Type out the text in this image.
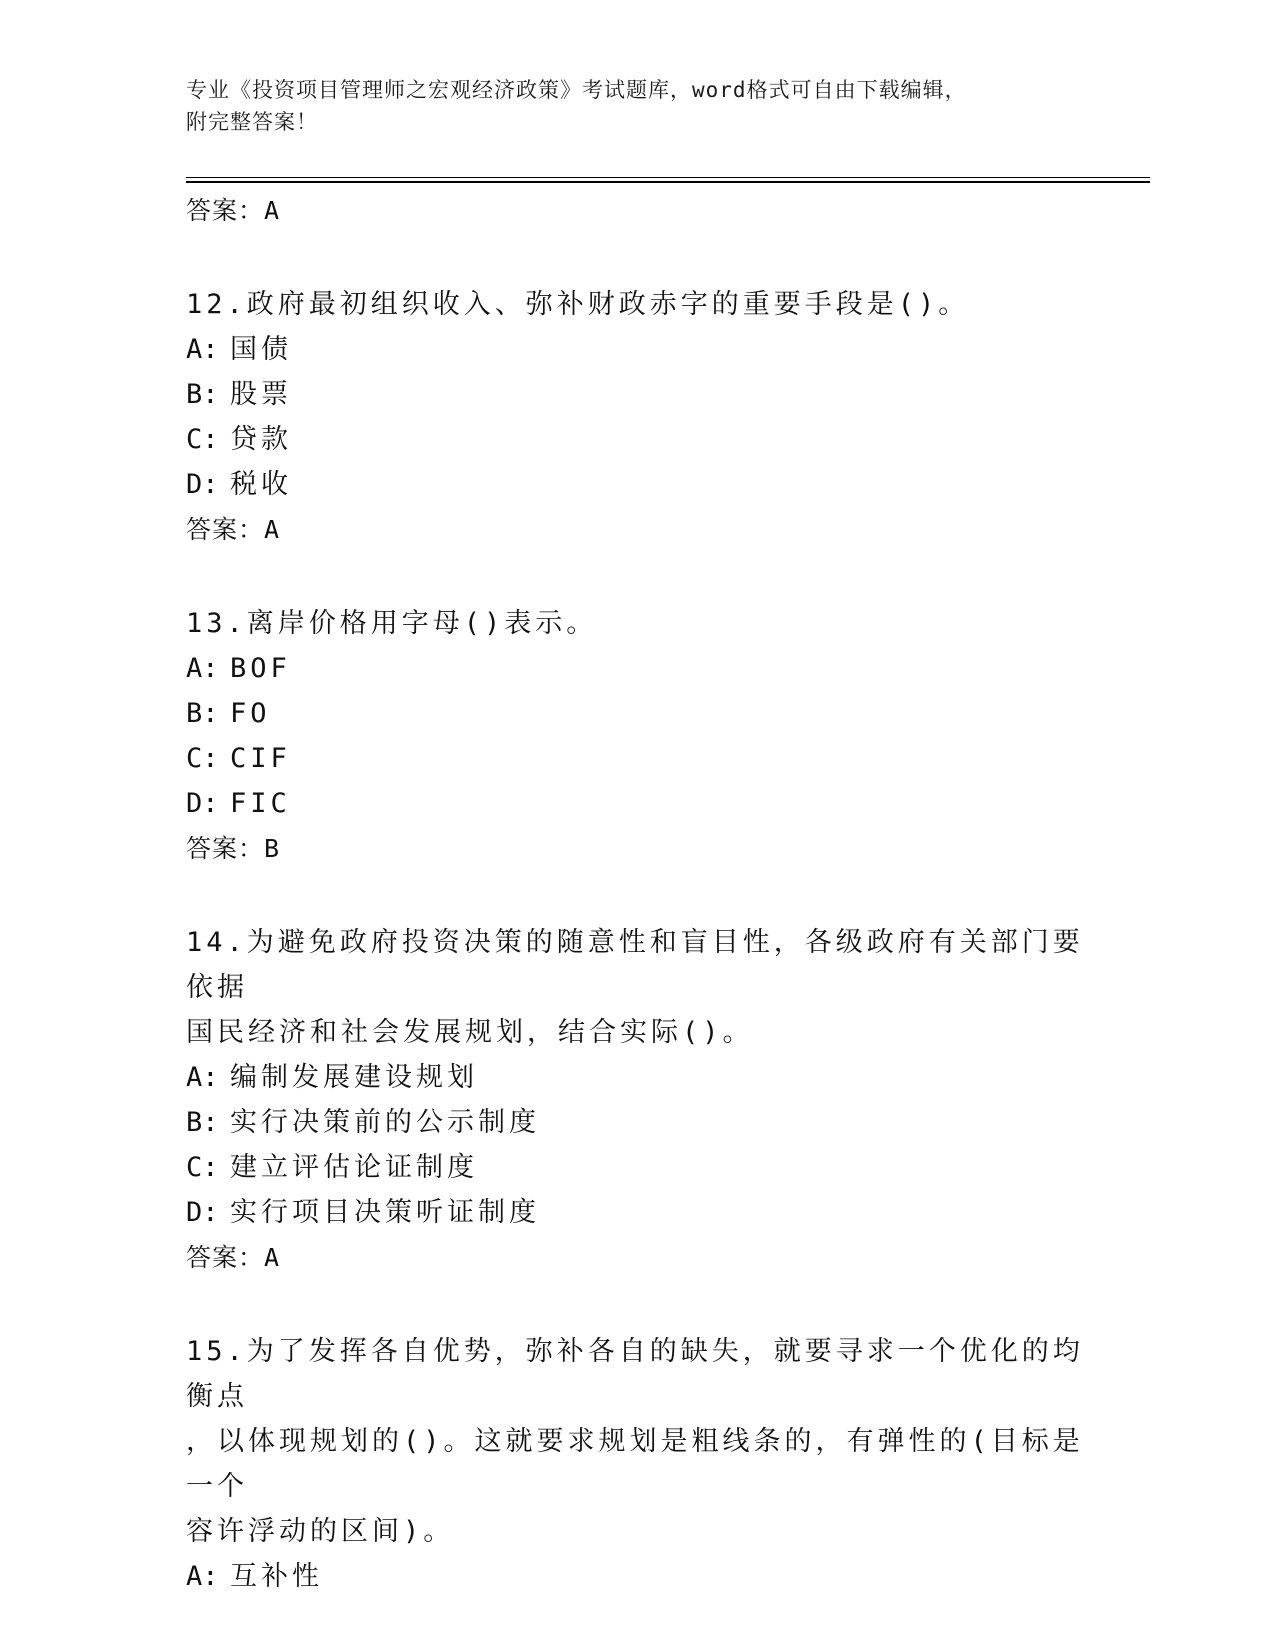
专业《投资项目管理师之宏观经济政策》考试题库，word格式可自由下载编辑，
附完整答案！
答案：A
12.政府最初组织收入、弥补财政赤字的重要手段是()。
A: 国债
B: 股票
C: 贷款
D: 税收
答案：A
13.离岸价格用字母()表示。
A: BOF
B: FO
C: CIF
D: FIC
答案：B
14.为避免政府投资决策的随意性和盲目性，各级政府有关部门要依据
国民经济和社会发展规划，结合实际()。
A: 编制发展建设规划
B: 实行决策前的公示制度
C: 建立评估论证制度
D: 实行项目决策听证制度
答案：A
15.为了发挥各自优势，弥补各自的缺失，就要寻求一个优化的均衡点
，以体现规划的()。这就要求规划是粗线条的，有弹性的(目标是一个
容许浮动的区间)。
A: 互补性
